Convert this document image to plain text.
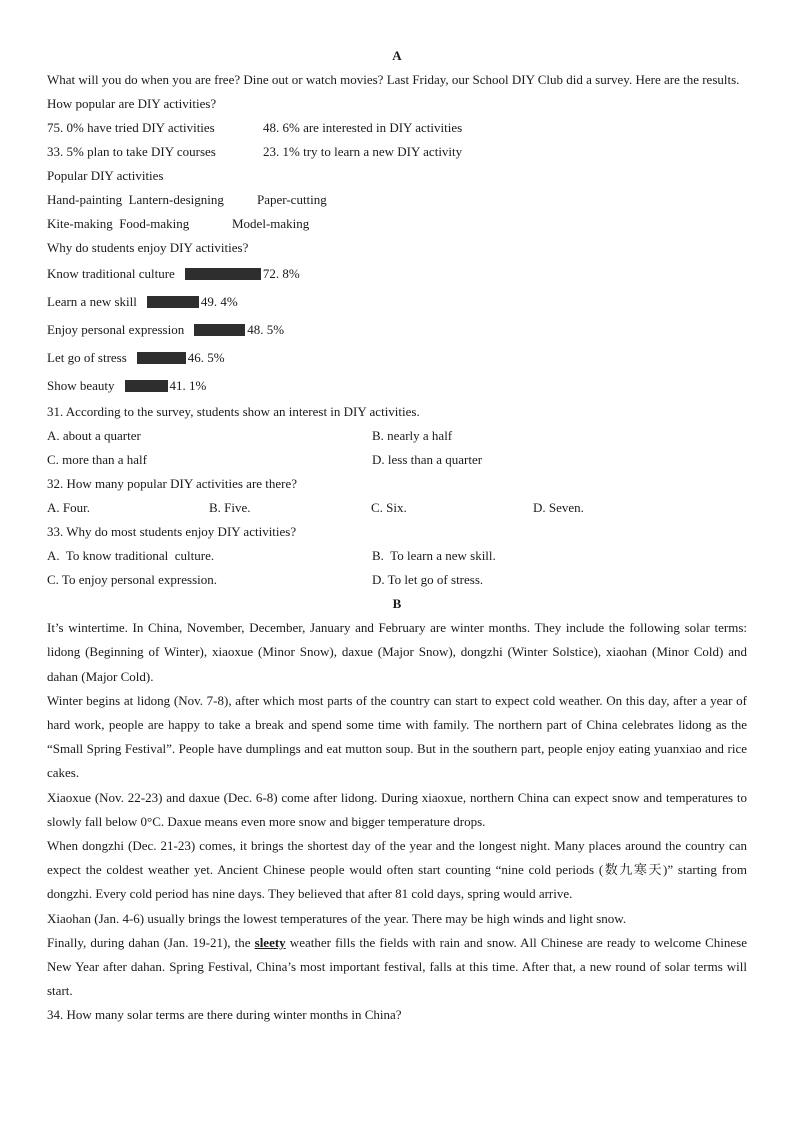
A
What will you do when you are free? Dine out or watch movies? Last Friday, our School DIY Club did a survey. Here are the results.
How popular are DIY activities?
75. 0% have tried DIY activities	48. 6% are interested in DIY activities
33. 5% plan to take DIY courses	23. 1% try to learn a new DIY activity
Popular DIY activities
Hand-painting  Lantern-designing	Paper-cutting
Kite-making  Food-making	Model-making
Why do students enjoy DIY activities?
Know traditional culture	72. 8%
Learn a new skill	49. 4%
Enjoy personal expression	48. 5%
Let go of stress	46. 5%
Show beauty	41. 1%
31. According to the survey, students show an interest in DIY activities.
A. about a quarter	B. nearly a half
C. more than a half	D. less than a quarter
32. How many popular DIY activities are there?
A. Four.	B. Five.	C. Six.	D. Seven.
33. Why do most students enjoy DIY activities?
A.  To know traditional  culture.	B.  To learn a new skill.
C. To enjoy personal expression.	D. To let go of stress.
B
It’s wintertime. In China, November, December, January and February are winter months. They include the following solar terms: lidong (Beginning of Winter), xiaoxue (Minor Snow), daxue (Major Snow), dongzhi (Winter Solstice), xiaohan (Minor Cold) and dahan (Major Cold).
Winter begins at lidong (Nov. 7-8), after which most parts of the country can start to expect cold weather. On this day, after a year of hard work, people are happy to take a break and spend some time with family. The northern part of China celebrates lidong as the “Small Spring Festival”. People have dumplings and eat mutton soup. But in the southern part, people enjoy eating yuanxiao and rice cakes.
Xiaoxue (Nov. 22-23) and daxue (Dec. 6-8) come after lidong. During xiaoxue, northern China can expect snow and temperatures to slowly fall below 0°C. Daxue means even more snow and bigger temperature drops.
When dongzhi (Dec. 21-23) comes, it brings the shortest day of the year and the longest night. Many places around the country can expect the coldest weather yet. Ancient Chinese people would often start counting “nine cold periods (数九寒天)” starting from dongzhi. Every cold period has nine days. They believed that after 81 cold days, spring would arrive.
Xiaohan (Jan. 4-6) usually brings the lowest temperatures of the year. There may be high winds and light snow.
Finally, during dahan (Jan. 19-21), the sleety weather fills the fields with rain and snow. All Chinese are ready to welcome Chinese New Year after dahan. Spring Festival, China’s most important festival, falls at this time. After that, a new round of solar terms will start.
34. How many solar terms are there during winter months in China?
